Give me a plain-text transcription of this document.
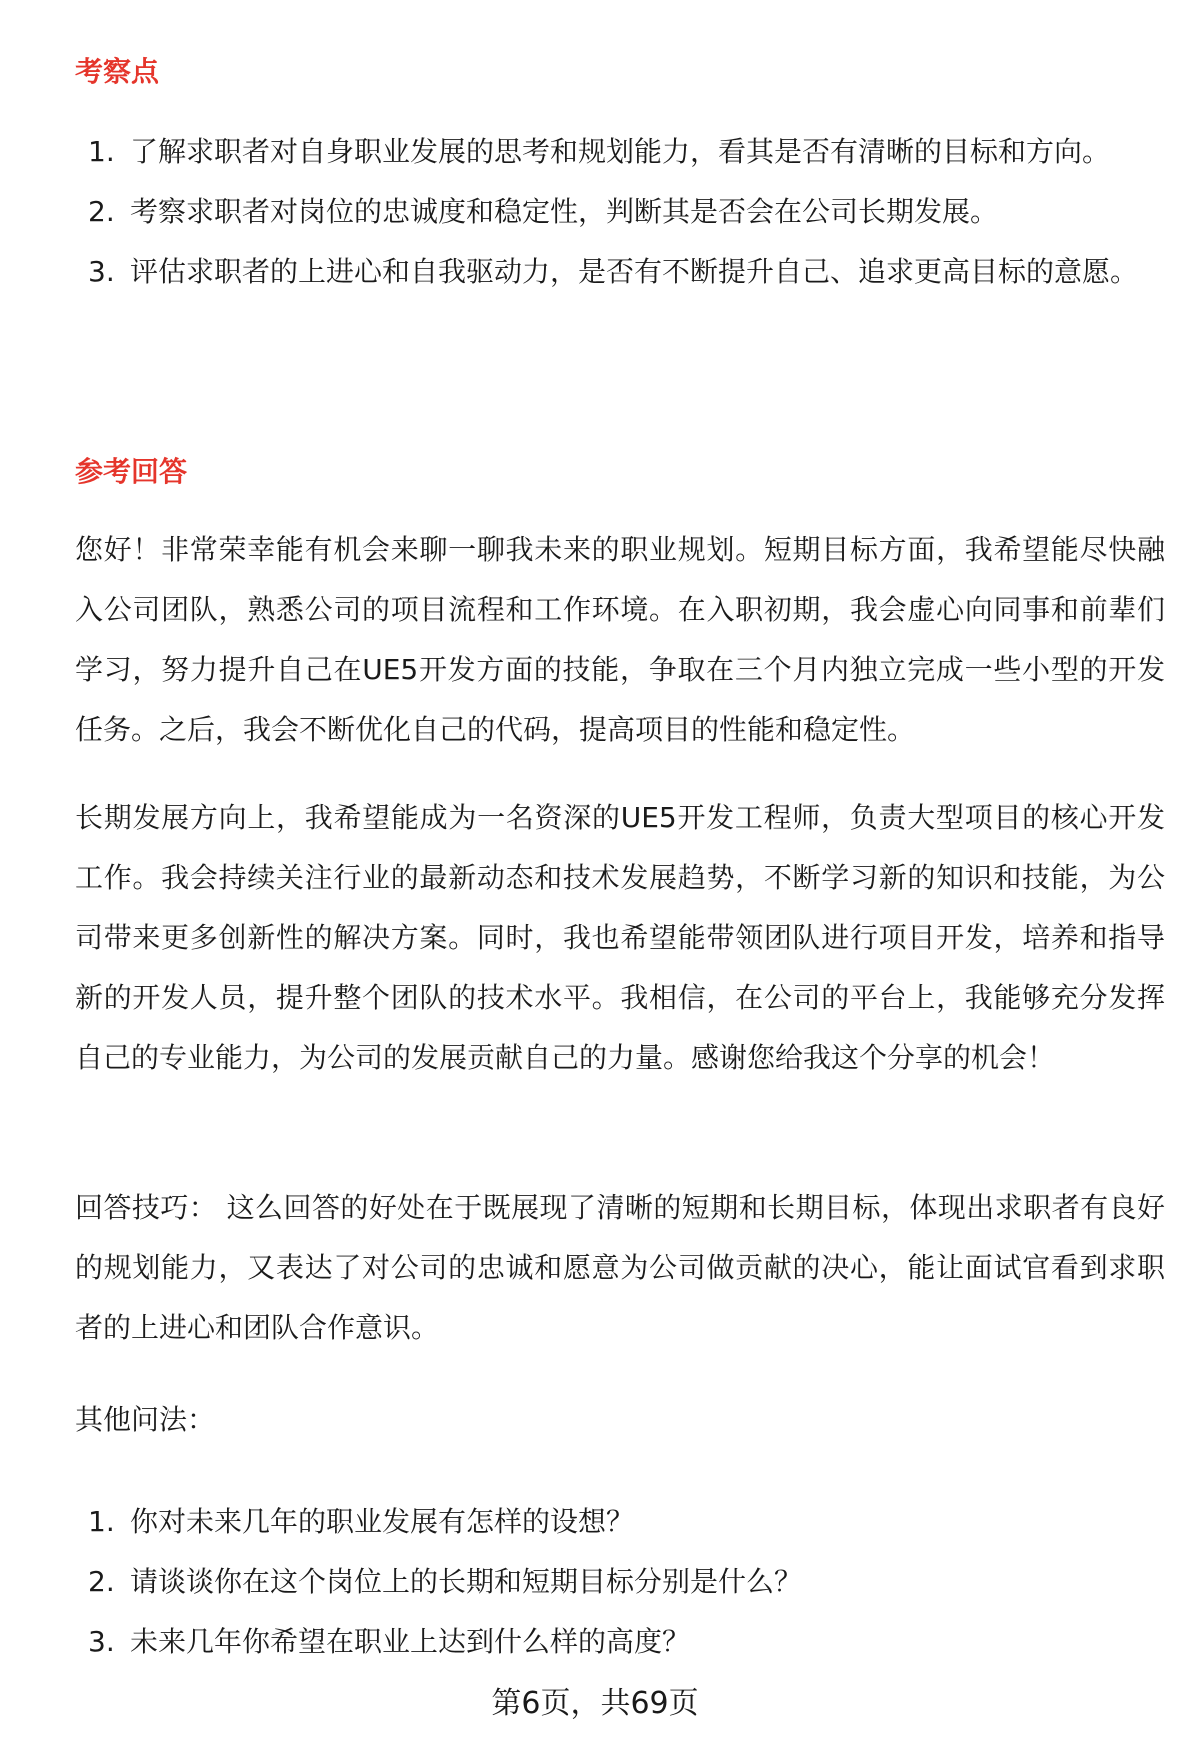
考察点
1. 了解求职者对自身职业发展的思考和规划能力，看其是否有清晰的目标和方向。
2. 考察求职者对岗位的忠诚度和稳定性，判断其是否会在公司长期发展。
3. 评估求职者的上进心和自我驱动力，是否有不断提升自己、追求更高目标的意愿。
参考回答

您好！非常荣幸能有机会来聊一聊我未来的职业规划。短期目标方面，我希望能尽快融入公司团队，熟悉公司的项目流程和工作环境。在入职初期，我会虚心向同事和前辈们学习，努力提升自己在UE5开发方面的技能，争取在三个月内独立完成一些小型的开发任务。之后，我会不断优化自己的代码，提高项目的性能和稳定性。

长期发展方向上，我希望能成为一名资深的UE5开发工程师，负责大型项目的核心开发工作。我会持续关注行业的最新动态和技术发展趋势，不断学习新的知识和技能，为公司带来更多创新性的解决方案。同时，我也希望能带领团队进行项目开发，培养和指导新的开发人员，提升整个团队的技术水平。我相信，在公司的平台上，我能够充分发挥自己的专业能力，为公司的发展贡献自己的力量。感谢您给我这个分享的机会！

回答技巧： 这么回答的好处在于既展现了清晰的短期和长期目标，体现出求职者有良好的规划能力，又表达了对公司的忠诚和愿意为公司做贡献的决心，能让面试官看到求职者的上进心和团队合作意识。

其他问法：

1. 你对未来几年的职业发展有怎样的设想？
2. 请谈谈你在这个岗位上的长期和短期目标分别是什么？
3. 未来几年你希望在职业上达到什么样的高度？
第6页，共69页
